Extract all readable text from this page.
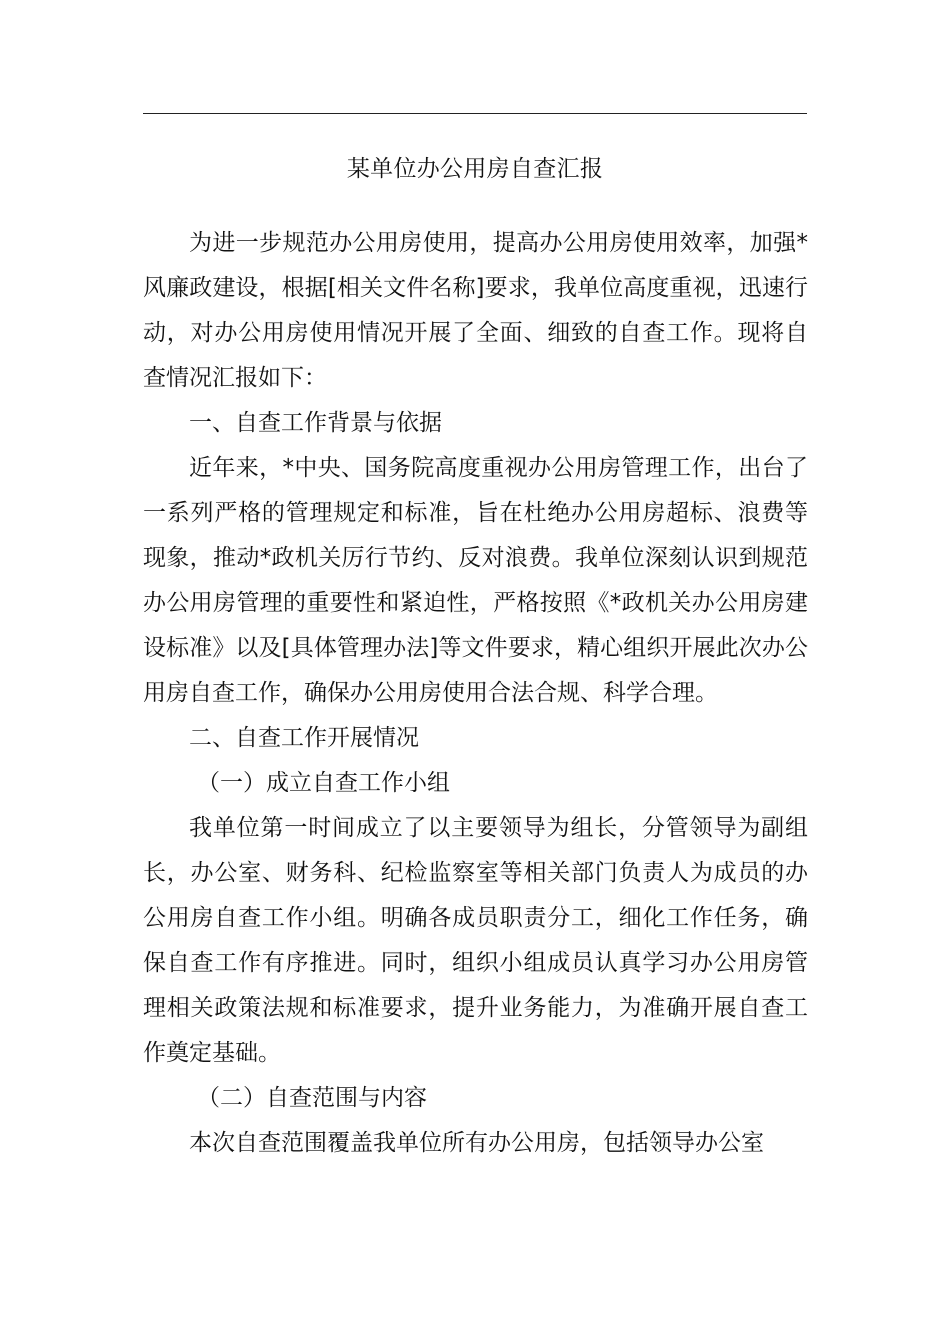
某单位办公用房自查汇报

为进一步规范办公用房使用，提高办公用房使用效率，加强*风廉政建设，根据[相关文件名称]要求，我单位高度重视，迅速行动，对办公用房使用情况开展了全面、细致的自查工作。现将自查情况汇报如下：

一、自查工作背景与依据

近年来，*中央、国务院高度重视办公用房管理工作，出台了一系列严格的管理规定和标准，旨在杜绝办公用房超标、浪费等现象，推动*政机关厉行节约、反对浪费。我单位深刻认识到规范办公用房管理的重要性和紧迫性，严格按照《*政机关办公用房建设标准》以及[具体管理办法]等文件要求，精心组织开展此次办公用房自查工作，确保办公用房使用合法合规、科学合理。

二、自查工作开展情况

（一）成立自查工作小组

我单位第一时间成立了以主要领导为组长，分管领导为副组长，办公室、财务科、纪检监察室等相关部门负责人为成员的办公用房自查工作小组。明确各成员职责分工，细化工作任务，确保自查工作有序推进。同时，组织小组成员认真学习办公用房管理相关政策法规和标准要求，提升业务能力，为准确开展自查工作奠定基础。

（二）自查范围与内容

本次自查范围覆盖我单位所有办公用房，包括领导办公室
